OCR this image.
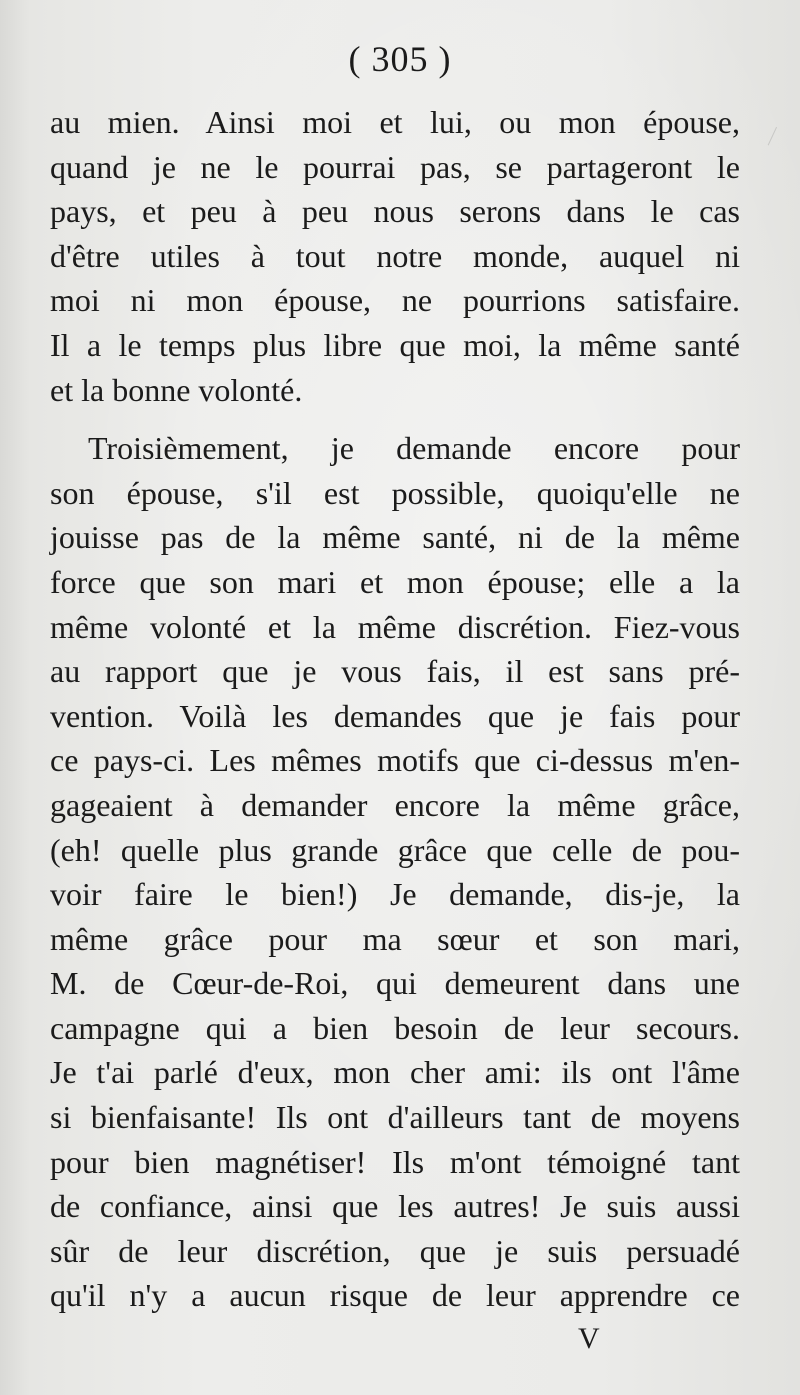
( 305 )
au mien. Ainsi moi et lui, ou mon épouse,
quand je ne le pourrai pas, se partageront le
pays, et peu à peu nous serons dans le cas
d'être utiles à tout notre monde, auquel ni
moi ni mon épouse, ne pourrions satisfaire.
Il a le temps plus libre que moi, la même santé
et la bonne volonté.
Troisièmement, je demande encore pour
son épouse, s'il est possible, quoiqu'elle ne
jouisse pas de la même santé, ni de la même
force que son mari et mon épouse; elle a la
même volonté et la même discrétion. Fiez-vous
au rapport que je vous fais, il est sans pré-
vention. Voilà les demandes que je fais pour
ce pays-ci. Les mêmes motifs que ci-dessus m'en-
gageaient à demander encore la même grâce,
(eh! quelle plus grande grâce que celle de pou-
voir faire le bien!) Je demande, dis-je, la
même grâce pour ma sœur et son mari,
M. de Cœur-de-Roi, qui demeurent dans une
campagne qui a bien besoin de leur secours.
Je t'ai parlé d'eux, mon cher ami: ils ont l'âme
si bienfaisante! Ils ont d'ailleurs tant de moyens
pour bien magnétiser! Ils m'ont témoigné tant
de confiance, ainsi que les autres! Je suis aussi
sûr de leur discrétion, que je suis persuadé
qu'il n'y a aucun risque de leur apprendre ce
V
